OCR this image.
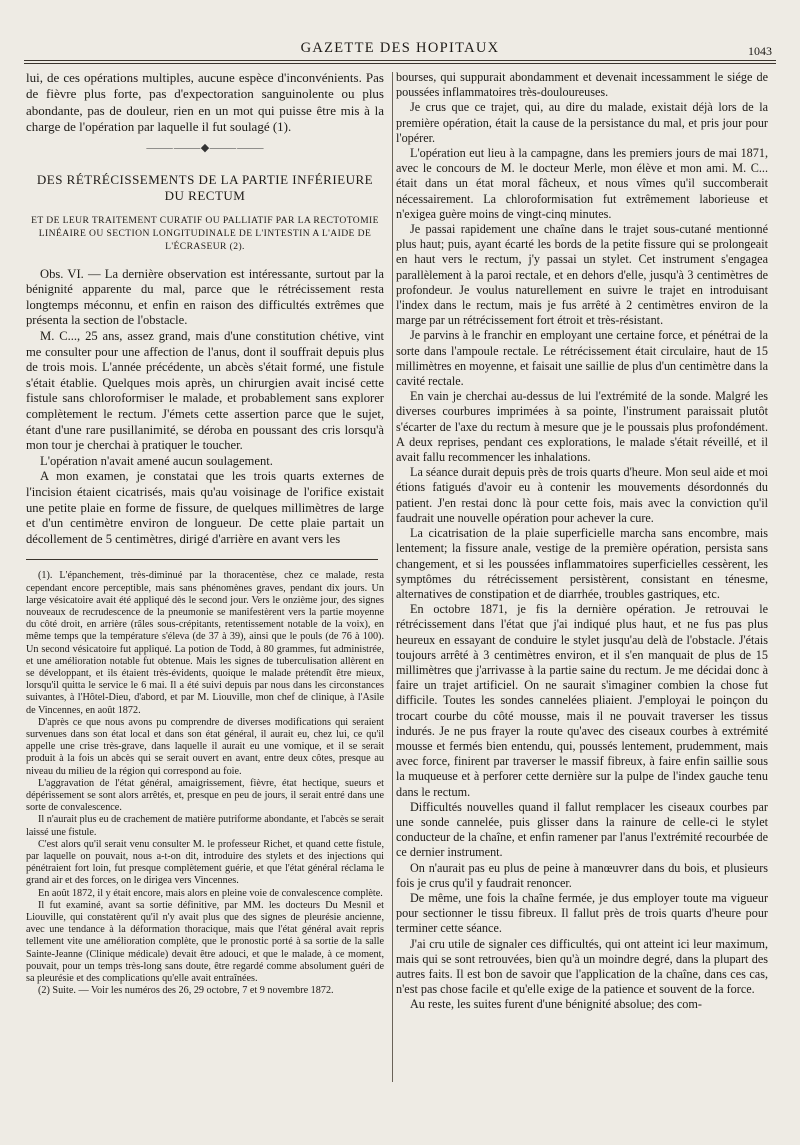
GAZETTE DES HOPITAUX	1043

lui, de ces opérations multiples, aucune espèce d'inconvénients. Pas de fièvre plus forte, pas d'expectoration sanguinolente ou plus abondante, pas de douleur, rien en un mot qui puisse être mis à la charge de l'opération par laquelle il fut soulagé (1).

⸻⸻◆⸻⸻
DES RÉTRÉCISSEMENTS DE LA PARTIE INFÉRIEURE DU RECTUM
ET DE LEUR TRAITEMENT CURATIF OU PALLIATIF PAR LA RECTOTOMIE LINÉAIRE OU SECTION LONGITUDINALE DE L'INTESTIN A L'AIDE DE L'ÉCRASEUR (2).

Obs. VI. — La dernière observation est intéressante, surtout par la bénignité apparente du mal, parce que le rétrécissement resta longtemps méconnu, et enfin en raison des difficultés extrêmes que présenta la section de l'obstacle.

M. C..., 25 ans, assez grand, mais d'une constitution chétive, vint me consulter pour une affection de l'anus, dont il souffrait depuis plus de trois mois. L'année précédente, un abcès s'était formé, une fistule s'était établie. Quelques mois après, un chirurgien avait incisé cette fistule sans chloroformiser le malade, et probablement sans explorer complètement le rectum. J'émets cette assertion parce que le sujet, étant d'une rare pusillanimité, se déroba en poussant des cris lorsqu'à mon tour je cherchai à pratiquer le toucher.

L'opération n'avait amené aucun soulagement.

A mon examen, je constatai que les trois quarts externes de l'incision étaient cicatrisés, mais qu'au voisinage de l'orifice existait une petite plaie en forme de fissure, de quelques millimètres de large et d'un centimètre environ de longueur. De cette plaie partait un décollement de 5 centimètres, dirigé d'arrière en avant vers les

(1). L'épanchement, très-diminué par la thoracentèse, chez ce malade, resta cependant encore perceptible, mais sans phénomènes graves, pendant dix jours. Un large vésicatoire avait été appliqué dès le second jour. Vers le onzième jour, des signes nouveaux de recrudescence de la pneumonie se manifestèrent vers la partie moyenne du côté droit, en arrière (râles sous-crépitants, retentissement notable de la voix), en même temps que la température s'éleva (de 37 à 39), ainsi que le pouls (de 76 à 100). Un second vésicatoire fut appliqué. La potion de Todd, à 80 grammes, fut administrée, et une amélioration notable fut obtenue. Mais les signes de tuberculisation allèrent en se développant, et ils étaient très-évidents, quoique le malade prétendît être mieux, lorsqu'il quitta le service le 6 mai. Il a été suivi depuis par nous dans les circonstances suivantes, à l'Hôtel-Dieu, d'abord, et par M. Liouville, mon chef de clinique, à l'Asile de Vincennes, en août 1872.

D'après ce que nous avons pu comprendre de diverses modifications qui seraient survenues dans son état local et dans son état général, il aurait eu, chez lui, ce qu'il appelle une crise très-grave, dans laquelle il aurait eu une vomique, et il se serait produit à la fois un abcès qui se serait ouvert en avant, entre deux côtes, presque au niveau du milieu de la région qui correspond au foie.

L'aggravation de l'état général, amaigrissement, fièvre, état hectique, sueurs et dépérissement se sont alors arrêtés, et, presque en peu de jours, il serait entré dans une sorte de convalescence.

Il n'aurait plus eu de crachement de matière putriforme abondante, et l'abcès se serait laissé une fistule.

C'est alors qu'il serait venu consulter M. le professeur Richet, et quand cette fistule, par laquelle on pouvait, nous a-t-on dit, introduire des stylets et des injections qui pénétraient fort loin, fut presque complètement guérie, et que l'état général réclama le grand air et des forces, on le dirigea vers Vincennes.

En août 1872, il y était encore, mais alors en pleine voie de convalescence complète.

Il fut examiné, avant sa sortie définitive, par MM. les docteurs Du Mesnil et Liouville, qui constatèrent qu'il n'y avait plus que des signes de pleurésie ancienne, avec une tendance à la déformation thoracique, mais que l'état général avait repris tellement vite une amélioration complète, que le pronostic porté à sa sortie de la salle Sainte-Jeanne (Clinique médicale) devait être adouci, et que le malade, à ce moment, pouvait, pour un temps très-long sans doute, être regardé comme absolument guéri de sa pleurésie et des complications qu'elle avait entraînées.

(2) Suite. — Voir les numéros des 26, 29 octobre, 7 et 9 novembre 1872.

bourses, qui suppurait abondamment et devenait incessamment le siége de poussées inflammatoires très-douloureuses.

Je crus que ce trajet, qui, au dire du malade, existait déjà lors de la première opération, était la cause de la persistance du mal, et pris jour pour l'opérer.

L'opération eut lieu à la campagne, dans les premiers jours de mai 1871, avec le concours de M. le docteur Merle, mon élève et mon ami. M. C... était dans un état moral fâcheux, et nous vîmes qu'il succomberait nécessairement. La chloroformisation fut extrêmement laborieuse et n'exigea guère moins de vingt-cinq minutes.

Je passai rapidement une chaîne dans le trajet sous-cutané mentionné plus haut; puis, ayant écarté les bords de la petite fissure qui se prolongeait en haut vers le rectum, j'y passai un stylet. Cet instrument s'engagea parallèlement à la paroi rectale, et en dehors d'elle, jusqu'à 3 centimètres de profondeur. Je voulus naturellement en suivre le trajet en introduisant l'index dans le rectum, mais je fus arrêté à 2 centimètres environ de la marge par un rétrécissement fort étroit et très-résistant.

Je parvins à le franchir en employant une certaine force, et pénétrai de la sorte dans l'ampoule rectale. Le rétrécissement était circulaire, haut de 15 millimètres en moyenne, et faisait une saillie de plus d'un centimètre dans la cavité rectale.

En vain je cherchai au-dessus de lui l'extrémité de la sonde. Malgré les diverses courbures imprimées à sa pointe, l'instrument paraissait plutôt s'écarter de l'axe du rectum à mesure que je le poussais plus profondément. A deux reprises, pendant ces explorations, le malade s'était réveillé, et il avait fallu recommencer les inhalations.

La séance durait depuis près de trois quarts d'heure. Mon seul aide et moi étions fatigués d'avoir eu à contenir les mouvements désordonnés du patient. J'en restai donc là pour cette fois, mais avec la conviction qu'il faudrait une nouvelle opération pour achever la cure.

La cicatrisation de la plaie superficielle marcha sans encombre, mais lentement; la fissure anale, vestige de la première opération, persista sans changement, et si les poussées inflammatoires superficielles cessèrent, les symptômes du rétrécissement persistèrent, consistant en ténesme, alternatives de constipation et de diarrhée, troubles gastriques, etc.

En octobre 1871, je fis la dernière opération. Je retrouvai le rétrécissement dans l'état que j'ai indiqué plus haut, et ne fus pas plus heureux en essayant de conduire le stylet jusqu'au delà de l'obstacle. J'étais toujours arrêté à 3 centimètres environ, et il s'en manquait de plus de 15 millimètres que j'arrivasse à la partie saine du rectum. Je me décidai donc à faire un trajet artificiel. On ne saurait s'imaginer combien la chose fut difficile. Toutes les sondes cannelées pliaient. J'employai le poinçon du trocart courbe du côté mousse, mais il ne pouvait traverser les tissus indurés. Je ne pus frayer la route qu'avec des ciseaux courbes à extrémité mousse et fermés bien entendu, qui, poussés lentement, prudemment, mais avec force, finirent par traverser le massif fibreux, à faire enfin saillie sous la muqueuse et à perforer cette dernière sur la pulpe de l'index gauche tenu dans le rectum.

Difficultés nouvelles quand il fallut remplacer les ciseaux courbes par une sonde cannelée, puis glisser dans la rainure de celle-ci le stylet conducteur de la chaîne, et enfin ramener par l'anus l'extrémité recourbée de ce dernier instrument.

On n'aurait pas eu plus de peine à manœuvrer dans du bois, et plusieurs fois je crus qu'il y faudrait renoncer.

De même, une fois la chaîne fermée, je dus employer toute ma vigueur pour sectionner le tissu fibreux. Il fallut près de trois quarts d'heure pour terminer cette séance.

J'ai cru utile de signaler ces difficultés, qui ont atteint ici leur maximum, mais qui se sont retrouvées, bien qu'à un moindre degré, dans la plupart des autres faits. Il est bon de savoir que l'application de la chaîne, dans ces cas, n'est pas chose facile et qu'elle exige de la patience et souvent de la force.

Au reste, les suites furent d'une bénignité absolue; des com-
